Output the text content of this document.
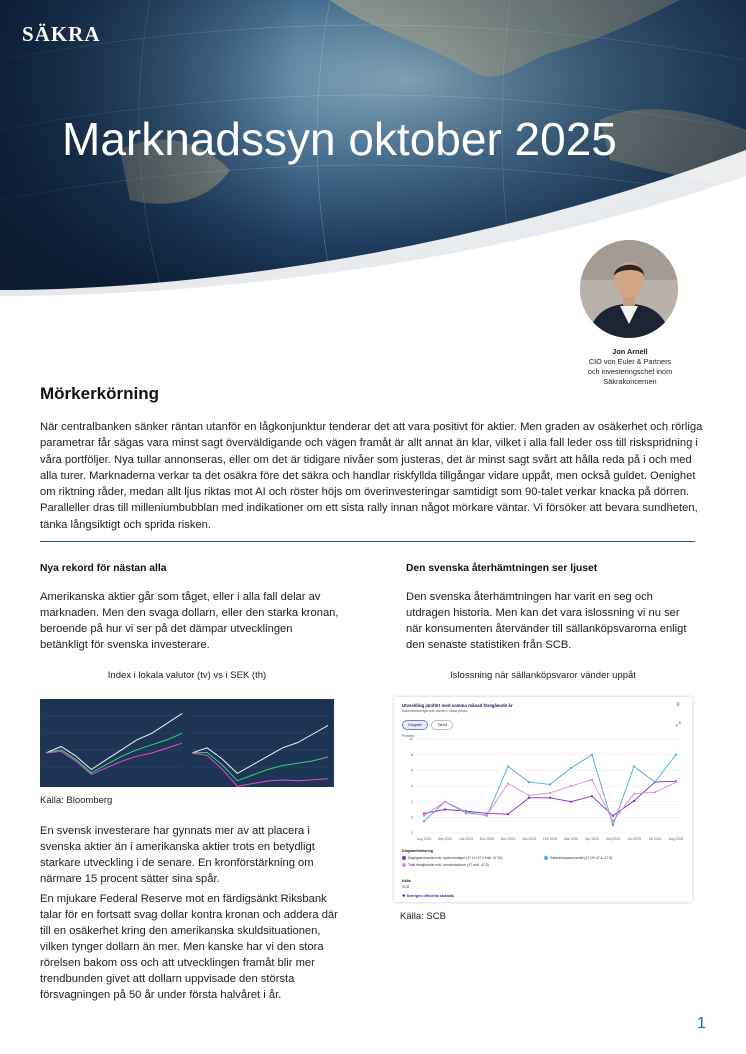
SÄKRA
Marknadssyn oktober 2025
Jon Arnell
CIO von Euler & Partners
och investeringschef inom
Säkrakoncernen
Mörkerkörning

När centralbanken sänker räntan utanför en lågkonjunktur tenderar det att vara positivt för aktier. Men graden av osäkerhet och rörliga parametrar får sägas vara minst sagt överväldigande och vägen framåt är allt annat än klar, vilket i alla fall leder oss till riskspridning i våra portföljer. Nya tullar annonseras, eller om det är tidigare nivåer som justeras, det är minst sagt svårt att hålla reda på i och med alla turer. Marknaderna verkar ta det osäkra före det säkra och handlar riskfyllda tillgångar vidare uppåt, men också guldet. Oenighet om riktning råder, medan allt ljus riktas mot AI och röster höjs om överinvesteringar samtidigt som 90-talet verkar knacka på dörren. Paralleller dras till milleniumbubblan med indikationer om ett sista rally innan något mörkare väntar. Vi försöker att bevara sundheten, tänka långsiktigt och sprida risken.

Nya rekord för nästan alla

Amerikanska aktier går som tåget, eller i alla fall delar av marknaden. Men den svaga dollarn, eller den starka kronan, beroende på hur vi ser på det dämpar utvecklingen betänkligt för svenska investerare.

Index i lokala valutor (tv) vs i SEK (th)
Källa: Bloomberg

En svensk investerare har gynnats mer av att placera i svenska aktier än i amerikanska aktier trots en betydligt starkare utveckling i de senare. En kronförstärkning om närmare 15 procent sätter sina spår.

En mjukare Federal Reserve mot en färdigsänkt Riksbank talar för en fortsatt svag dollar kontra kronan och addera där till en osäkerhet kring den amerikanska skuldsituationen, vilken tynger dollarn än mer. Men kanske har vi den stora rörelsen bakom oss och att utvecklingen framåt blir mer trendbunden givet att dollarn uppvisade den största försvagningen på 50 år under första halvåret i år.

Den svenska återhämtningen ser ljuset

Den svenska återhämtningen har varit en seg och utdragen historia. Men kan det vara islossning vi nu ser när konsumenten återvänder till sällanköpsvarorna enligt den senaste statistiken från SCB.

Islossning när sällanköpsvaror vänder uppåt
Utveckling jämfört med samma månad föregående år
Kalenderkorrigerade värden i fasta priser
≡
Diagram	Tabell	⤢
Procent
-2
0
2
4
6
8
10
Aug 2024 Sep 2024 Okt 2024 Nov 2024 Dec 2024 Jan 2025 Feb 2025 Mar 2025 Apr 2025 Maj 2025 Jun 2025 Jul 2025 Aug 2025
Diagramförklaring
Dagligvaruhandel exkl. systembolaget (47.11+47.2 exkl. 47.25)	Sällanköpsvaruhandel (47.19+47.4–47.9)
Total detaljhandel exkl. bensinstationer (47 exkl. 47.3)
Källa
SCB
❖ Sveriges officiella statistik
Källa: SCB
1
